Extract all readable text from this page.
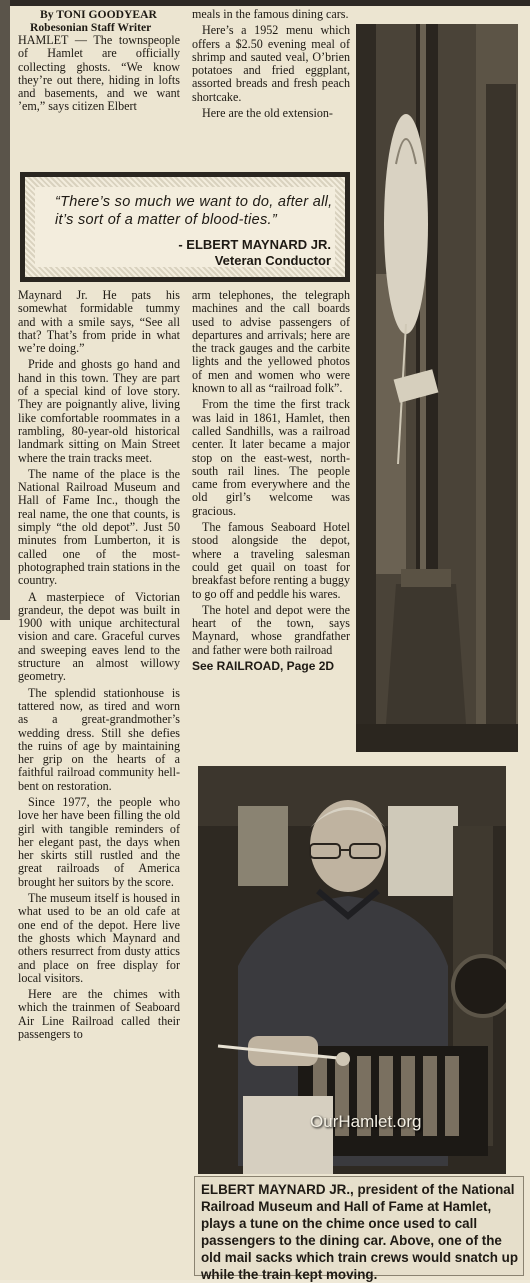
By TONI GOODYEAR
Robesonian Staff Writer

HAMLET — The townspeople of Hamlet are officially collecting ghosts. “We know they’re out there, hiding in lofts and basements, and we want ’em,” says citizen Elbert

meals in the famous dining cars.

Here’s a 1952 menu which offers a $2.50 evening meal of shrimp and sauted veal, O’brien potatoes and fried eggplant, assorted breads and fresh peach shortcake.

Here are the old extension-

“There’s so much we want to do, after all, it’s sort of a matter of blood-ties.”
- ELBERT MAYNARD JR.
Veteran Conductor

Maynard Jr. He pats his somewhat formidable tummy and with a smile says, “See all that? That’s from pride in what we’re doing.”

Pride and ghosts go hand and hand in this town. They are part of a special kind of love story. They are poignantly alive, living like comfortable roommates in a rambling, 80-year-old historical landmark sitting on Main Street where the train tracks meet.

The name of the place is the National Railroad Museum and Hall of Fame Inc., though the real name, the one that counts, is simply “the old depot”. Just 50 minutes from Lumberton, it is called one of the most-photographed train stations in the country.

A masterpiece of Victorian grandeur, the depot was built in 1900 with unique architectural vision and care. Graceful curves and sweeping eaves lend to the structure an almost willowy geometry.

The splendid stationhouse is tattered now, as tired and worn as a great-grandmother’s wedding dress. Still she defies the ruins of age by maintaining her grip on the hearts of a faithful railroad community hell-bent on restoration.

Since 1977, the people who love her have been filling the old girl with tangible reminders of her elegant past, the days when her skirts still rustled and the great railroads of America brought her suitors by the score.

The museum itself is housed in what used to be an old cafe at one end of the depot. Here live the ghosts which Maynard and others resurrect from dusty attics and place on free display for local visitors.

Here are the chimes with which the trainmen of Seaboard Air Line Railroad called their passengers to

arm telephones, the telegraph machines and the call boards used to advise passengers of departures and arrivals; here are the track gauges and the carbite lights and the yellowed photos of men and women who were known to all as “railroad folk”.

From the time the first track was laid in 1861, Hamlet, then called Sandhills, was a railroad center. It later became a major stop on the east-west, north-south rail lines. The people came from everywhere and the old girl’s welcome was gracious.

The famous Seaboard Hotel stood alongside the depot, where a traveling salesman could get quail on toast for breakfast before renting a buggy to go off and peddle his wares.

The hotel and depot were the heart of the town, says Maynard, whose grandfather and father were both railroad

See RAILROAD, Page 2D
OurHamlet.org
ELBERT MAYNARD JR., president of the National Railroad Museum and Hall of Fame at Hamlet, plays a tune on the chime once used to call passengers to the dining car. Above, one of the old mail sacks which train crews would snatch up while the train kept moving.
